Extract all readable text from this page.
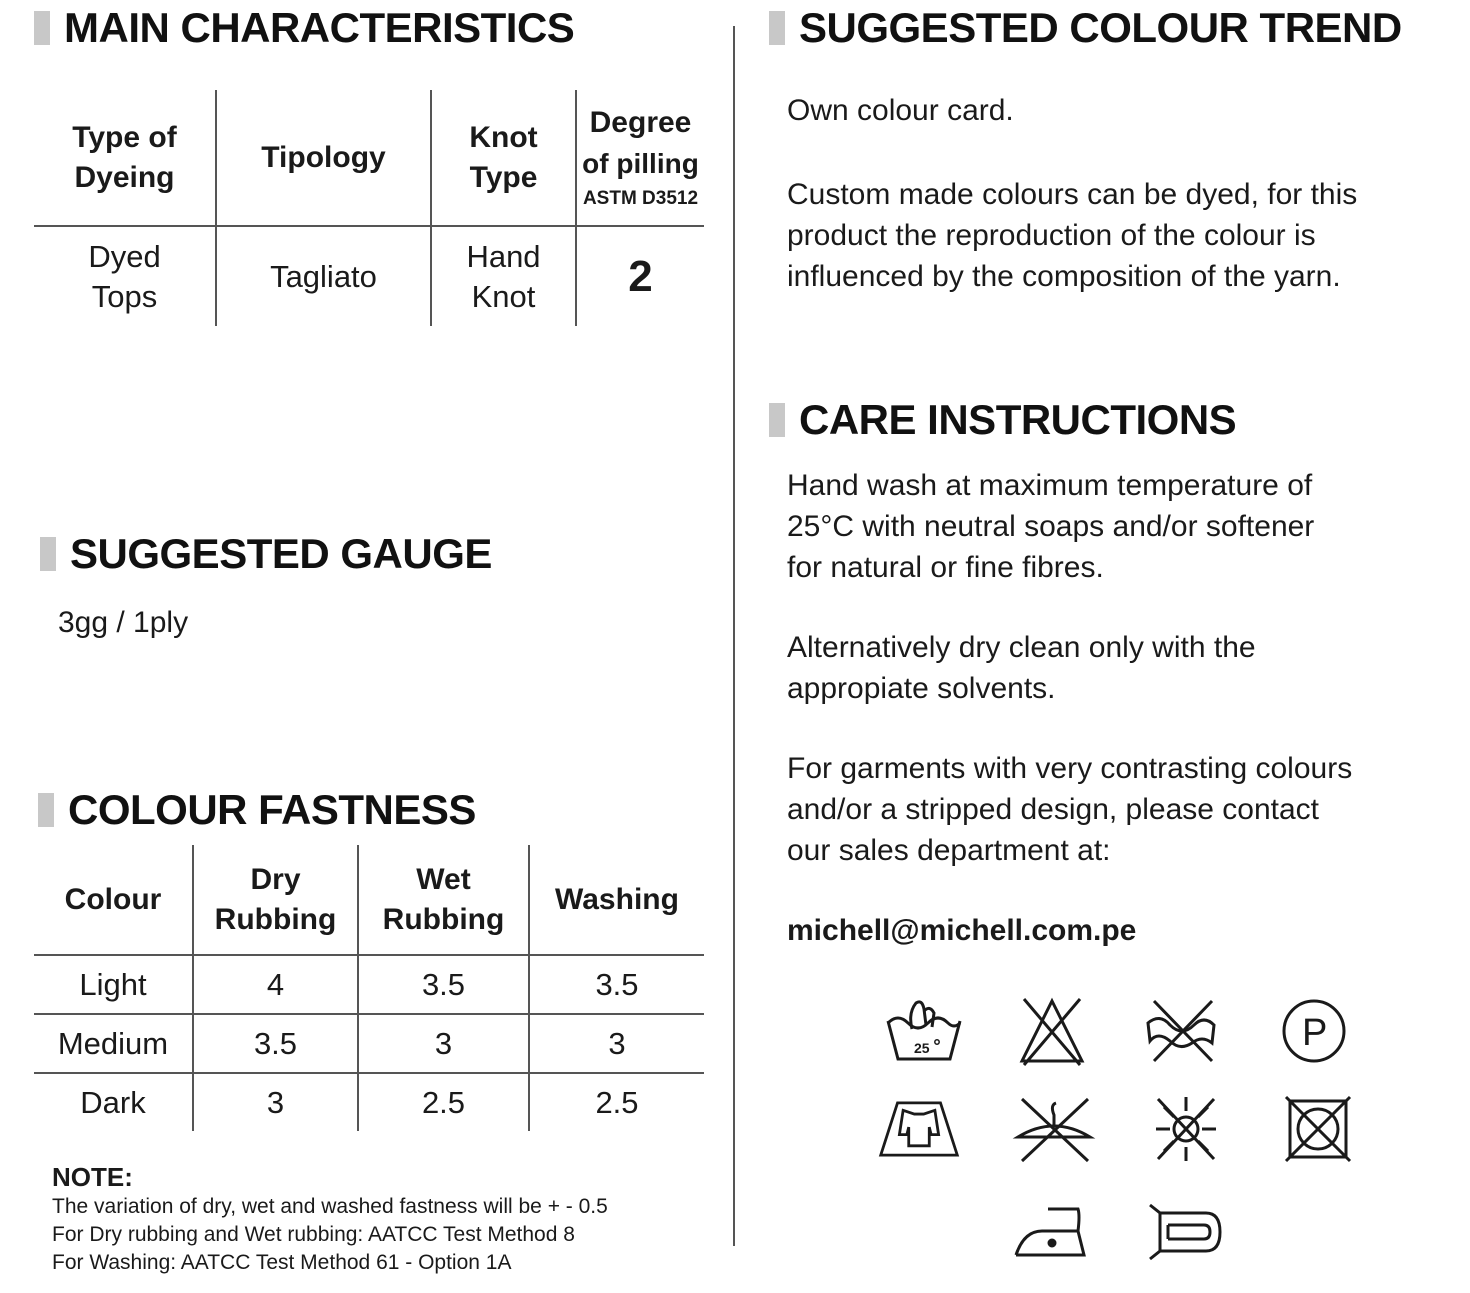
MAIN CHARACTERISTICS
Type of Dyeing	Tipology	Knot Type	Degree
of pilling
ASTM D3512

Dyed Tops	Tagliato	Hand Knot	2
SUGGESTED GAUGE
3gg / 1ply
COLOUR FASTNESS
Colour	Dry Rubbing	Wet Rubbing	Washing
Light	4	3.5	3.5
Medium	3.5	3	3
Dark	3	2.5	2.5
NOTE:
The variation of dry, wet and washed fastness will be + - 0.5
For Dry rubbing and Wet rubbing: AATCC Test Method 8
For Washing: AATCC Test Method 61 - Option 1A
SUGGESTED COLOUR TREND
Own colour card.
Custom made colours can be dyed, for this
product the reproduction of the colour is
influenced by the composition of the yarn.
CARE INSTRUCTIONS
Hand wash at maximum temperature of
25°C with neutral soaps and/or softener
for natural or fine fibres.
Alternatively dry clean only with the
appropiate solvents.
For garments with very contrasting colours
and/or a stripped design, please contact
our sales department at:
michell@michell.com.pe
25	P
